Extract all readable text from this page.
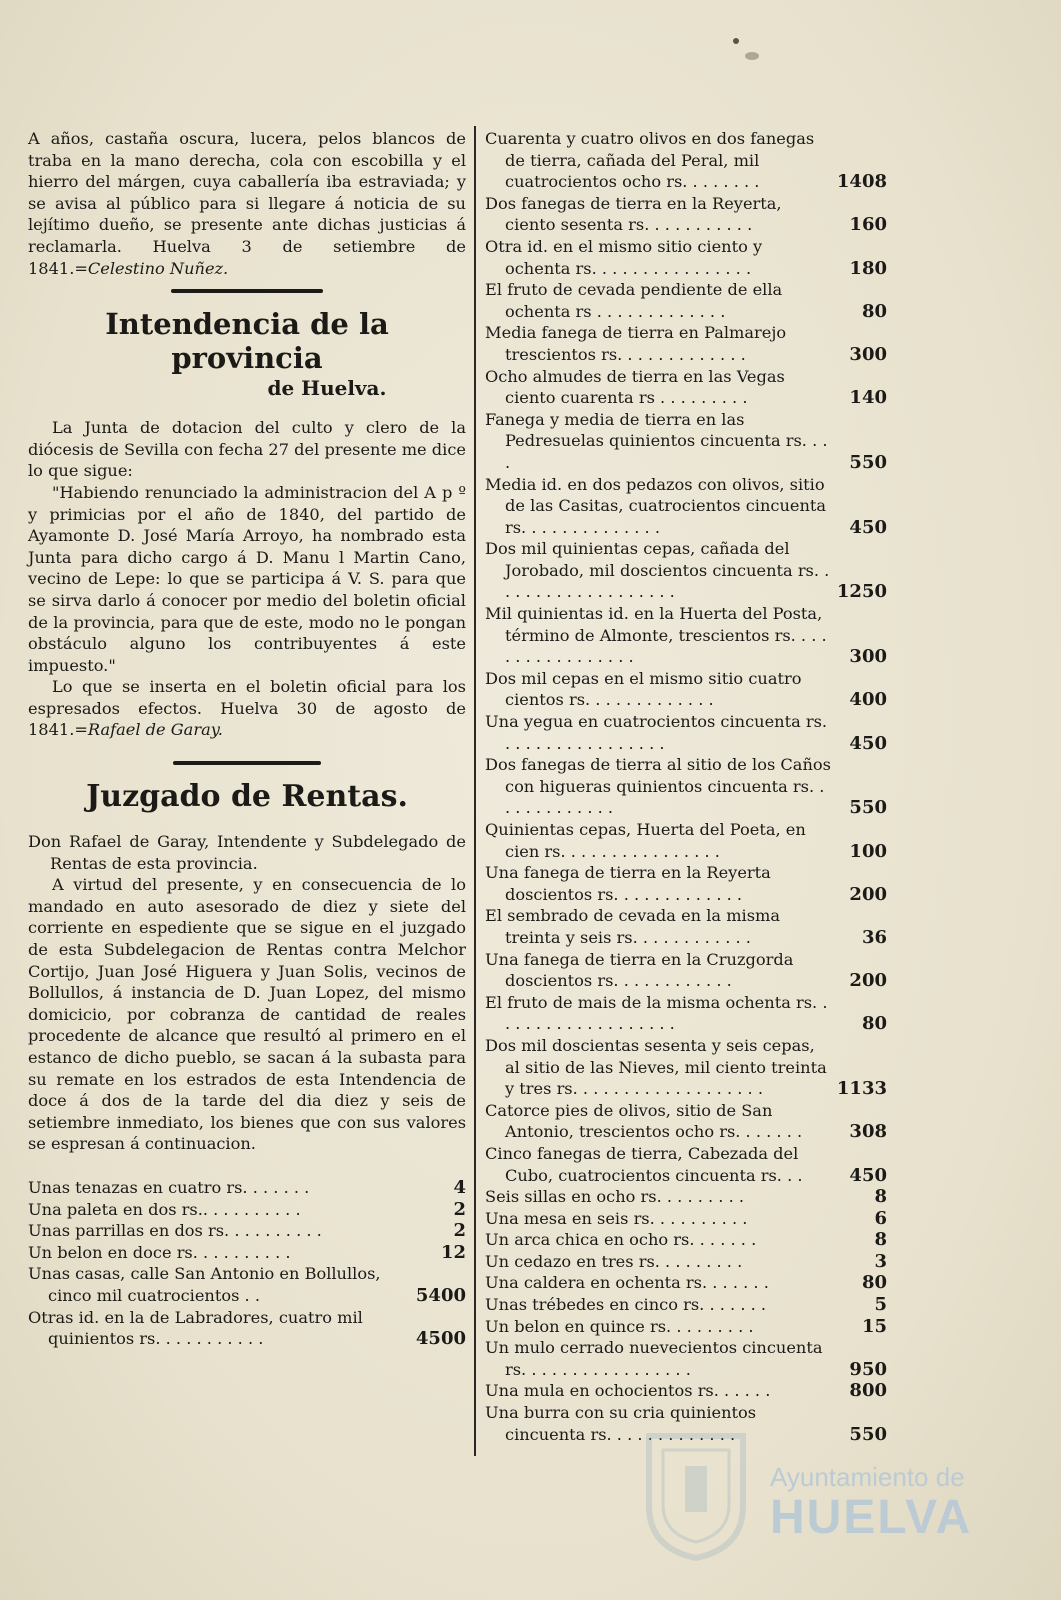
A años, castaña oscura, lucera, pelos blancos de traba en la mano derecha, cola con escobilla y el hierro del márgen, cuya caballería iba estraviada; y se avisa al público para si llegare á noticia de su lejítimo dueño, se presente ante dichas justicias á reclamarla. Huelva 3 de setiembre de 1841.=Celestino Nuñez.

Intendencia de la provincia
de Huelva.

La Junta de dotacion del culto y clero de la diócesis de Sevilla con fecha 27 del presente me dice lo que sigue:

"Habiendo renunciado la administracion del A p º y primicias por el año de 1840, del partido de Ayamonte D. José María Arroyo, ha nombrado esta Junta para dicho cargo á D. Manu l Martin Cano, vecino de Lepe: lo que se participa á V. S. para que se sirva darlo á conocer por medio del boletin oficial de la provincia, para que de este, modo no le pongan obstáculo alguno los contribuyentes á este impuesto."

Lo que se inserta en el boletin oficial para los espresados efectos. Huelva 30 de agosto de 1841.=Rafael de Garay.

Juzgado de Rentas.

Don Rafael de Garay, Intendente y Subdelegado de Rentas de esta provincia.

A virtud del presente, y en consecuencia de lo mandado en auto asesorado de diez y siete del corriente en espediente que se sigue en el juzgado de esta Subdelegacion de Rentas contra Melchor Cortijo, Juan José Higuera y Juan Solis, vecinos de Bollullos, á instancia de D. Juan Lopez, del mismo domicicio, por cobranza de cantidad de reales procedente de alcance que resultó al primero en el estanco de dicho pueblo, se sacan á la subasta para su remate en los estrados de esta Intendencia de doce á dos de la tarde del dia diez y seis de setiembre inmediato, los bienes que con sus valores se espresan á continuacion.

Unas tenazas en cuatro rs. . . . . . .	4
Una paleta en dos rs.. . . . . . . . . .	2
Unas parrillas en dos rs. . . . . . . . . .	2
Un belon en doce rs. . . . . . . . . .	12
Unas casas, calle San Antonio en Bollullos, cinco mil cuatrocientos . .	5400
Otras id. en la de Labradores, cuatro mil quinientos rs. . . . . . . . . . .	4500
Cuarenta y cuatro olivos en dos fanegas de tierra, cañada del Peral, mil cuatrocientos ocho rs. . . . . . . .	1408
Dos fanegas de tierra en la Reyerta, ciento sesenta rs. . . . . . . . . . .	160
Otra id. en el mismo sitio ciento y ochenta rs. . . . . . . . . . . . . . . .	180
El fruto de cevada pendiente de ella ochenta rs . . . . . . . . . . . . .	80
Media fanega de tierra en Palmarejo trescientos rs. . . . . . . . . . . . .	300
Ocho almudes de tierra en las Vegas ciento cuarenta rs . . . . . . . . .	140
Fanega y media de tierra en las Pedresuelas quinientos cincuenta rs. . . .	550
Media id. en dos pedazos con olivos, sitio de las Casitas, cuatrocientos cincuenta rs. . . . . . . . . . . . . .	450
Dos mil quinientas cepas, cañada del Jorobado, mil doscientos cincuenta rs. . . . . . . . . . . . . . . . . . .	1250
Mil quinientas id. en la Huerta del Posta, término de Almonte, trescientos rs. . . . . . . . . . . . . . . . .	300
Dos mil cepas en el mismo sitio cuatro cientos rs. . . . . . . . . . . . .	400
Una yegua en cuatrocientos cincuenta rs. . . . . . . . . . . . . . . . .	450
Dos fanegas de tierra al sitio de los Caños con higueras quinientos cincuenta rs. . . . . . . . . . . . .	550
Quinientas cepas, Huerta del Poeta, en cien rs. . . . . . . . . . . . . . . .	100
Una fanega de tierra en la Reyerta doscientos rs. . . . . . . . . . . . .	200
El sembrado de cevada en la misma treinta y seis rs. . . . . . . . . . . .	36
Una fanega de tierra en la Cruzgorda doscientos rs. . . . . . . . . . . .	200
El fruto de mais de la misma ochenta rs. . . . . . . . . . . . . . . . . . .	80
Dos mil doscientas sesenta y seis cepas, al sitio de las Nieves, mil ciento treinta y tres rs. . . . . . . . . . . . . . . . . . .	1133
Catorce pies de olivos, sitio de San Antonio, trescientos ocho rs. . . . . . .	308
Cinco fanegas de tierra, Cabezada del Cubo, cuatrocientos cincuenta rs. . .	450
Seis sillas en ocho rs. . . . . . . . .	8
Una mesa en seis rs. . . . . . . . . .	6
Un arca chica en ocho rs. . . . . . .	8
Un cedazo en tres rs. . . . . . . . .	3
Una caldera en ochenta rs. . . . . . .	80
Unas trébedes en cinco rs. . . . . . .	5
Un belon en quince rs. . . . . . . . .	15
Un mulo cerrado nuevecientos cincuenta rs. . . . . . . . . . . . . . . . .	950
Una mula en ochocientos rs. . . . . .	800
Una burra con su cria quinientos cincuenta rs. . . . . . . . . . . . .	550
Ayuntamiento de
HUELVA
